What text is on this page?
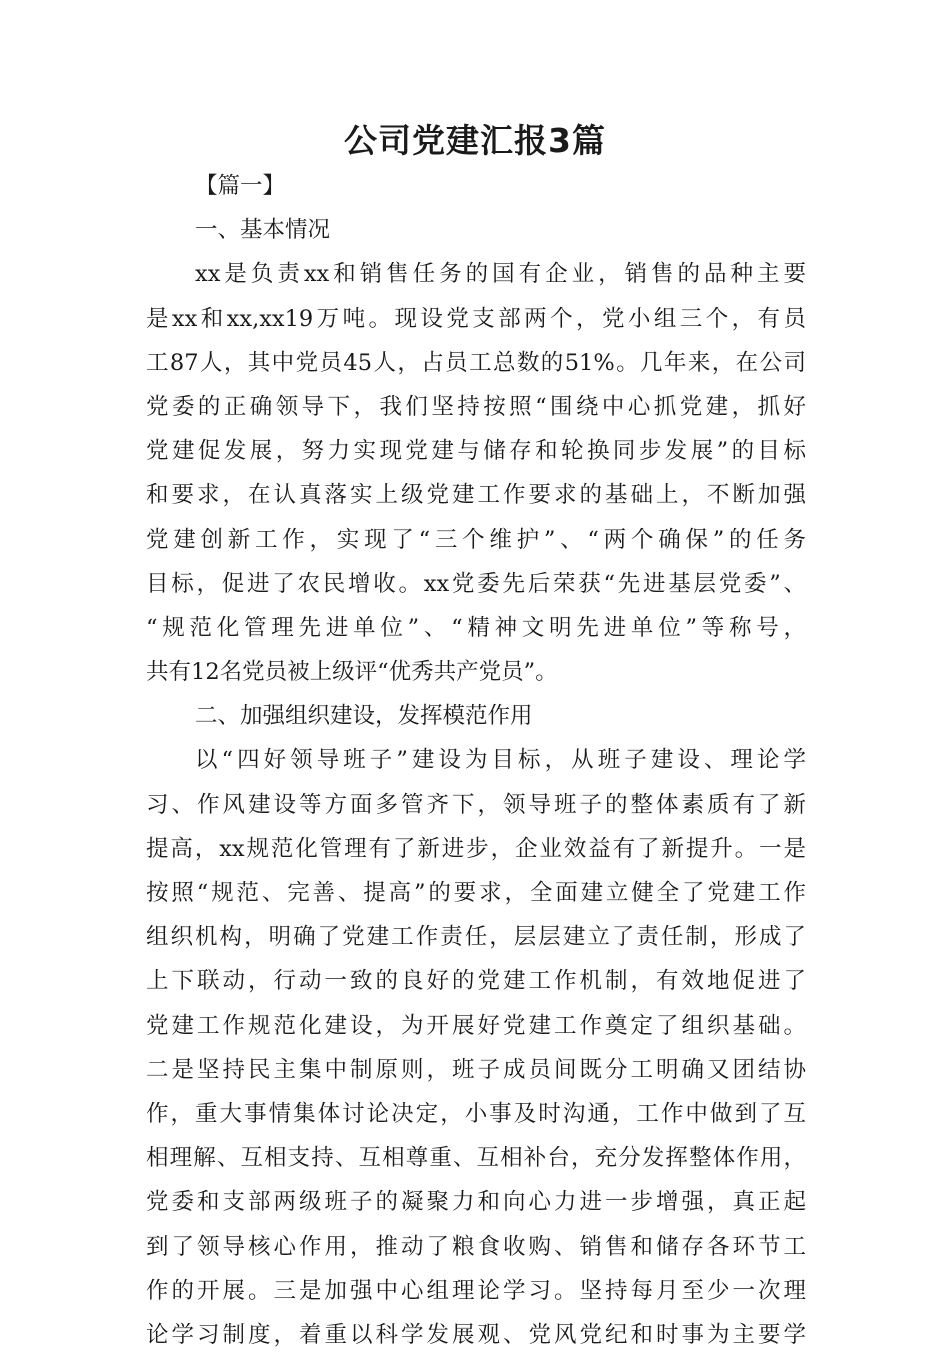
公司党建汇报3篇
【篇一】
一、基本情况
xx是负责xx和销售任务的国有企业，销售的品种主要
是xx和xx,xx19万吨。现设党支部两个，党小组三个，有员
工87人，其中党员45人，占员工总数的51%。几年来，在公司
党委的正确领导下，我们坚持按照“围绕中心抓党建，抓好
党建促发展，努力实现党建与储存和轮换同步发展”的目标
和要求，在认真落实上级党建工作要求的基础上，不断加强
党建创新工作，实现了“三个维护”、“两个确保”的任务
目标，促进了农民增收。xx党委先后荣获“先进基层党委”、
“规范化管理先进单位”、“精神文明先进单位”等称号，
共有12名党员被上级评“优秀共产党员”。
二、加强组织建设，发挥模范作用
以“四好领导班子”建设为目标，从班子建设、理论学
习、作风建设等方面多管齐下，领导班子的整体素质有了新
提高，xx规范化管理有了新进步，企业效益有了新提升。一是
按照“规范、完善、提高”的要求，全面建立健全了党建工作
组织机构，明确了党建工作责任，层层建立了责任制，形成了
上下联动，行动一致的良好的党建工作机制，有效地促进了
党建工作规范化建设，为开展好党建工作奠定了组织基础。
二是坚持民主集中制原则，班子成员间既分工明确又团结协
作，重大事情集体讨论决定，小事及时沟通，工作中做到了互
相理解、互相支持、互相尊重、互相补台，充分发挥整体作用，
党委和支部两级班子的凝聚力和向心力进一步增强，真正起
到了领导核心作用，推动了粮食收购、销售和储存各环节工
作的开展。三是加强中心组理论学习。坚持每月至少一次理
论学习制度，着重以科学发展观、党风党纪和时事为主要学
